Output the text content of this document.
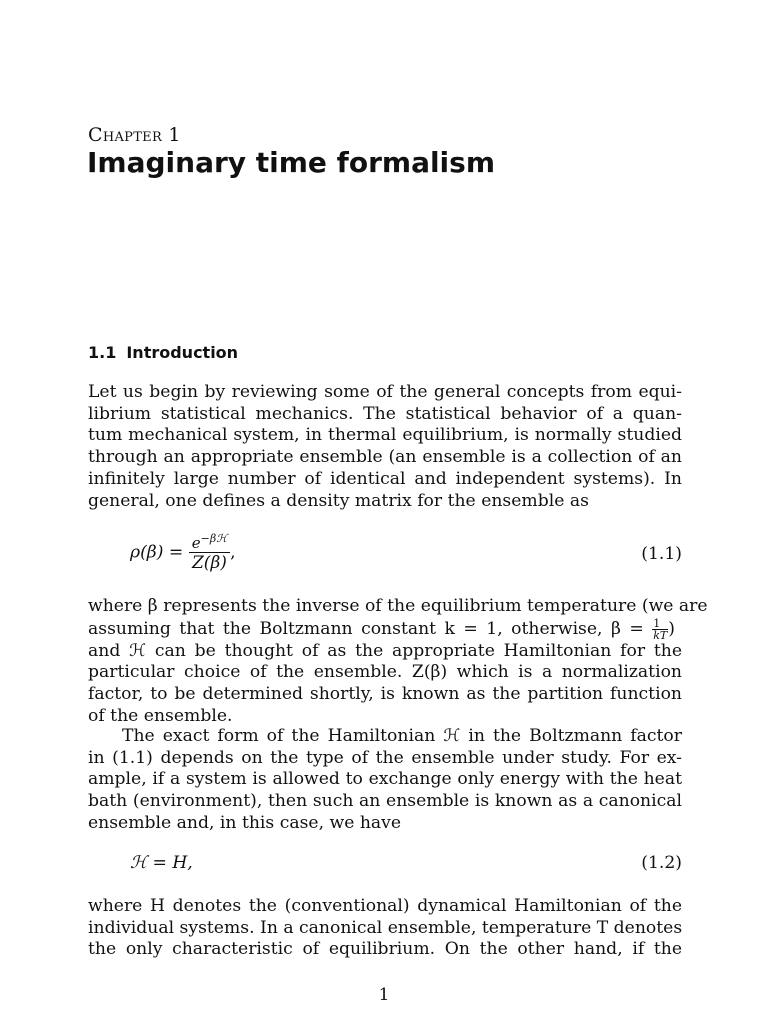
Chapter 1
Imaginary time formalism
1.1 Introduction
Let us begin by reviewing some of the general concepts from equi-
librium statistical mechanics. The statistical behavior of a quan-
tum mechanical system, in thermal equilibrium, is normally studied
through an appropriate ensemble (an ensemble is a collection of an
infinitely large number of identical and independent systems). In
general, one defines a density matrix for the ensemble as
$\rho(\beta) = \frac{e^{-\beta ℋ}}{Z(\beta)}$ ,	(1.1)
where β represents the inverse of the equilibrium temperature (we are
assuming that the Boltzmann constant k = 1, otherwise, $\beta = \frac{1}{kT}$ )
and ℋ can be thought of as the appropriate Hamiltonian for the
particular choice of the ensemble. Z(β) which is a normalization
factor, to be determined shortly, is known as the partition function
of the ensemble.
The exact form of the Hamiltonian ℋ in the Boltzmann factor
in (1.1) depends on the type of the ensemble under study. For ex-
ample, if a system is allowed to exchange only energy with the heat
bath (environment), then such an ensemble is known as a canonical
ensemble and, in this case, we have
ℋ = H,	(1.2)
where H denotes the (conventional) dynamical Hamiltonian of the
individual systems. In a canonical ensemble, temperature T denotes
the only characteristic of equilibrium. On the other hand, if the
1
